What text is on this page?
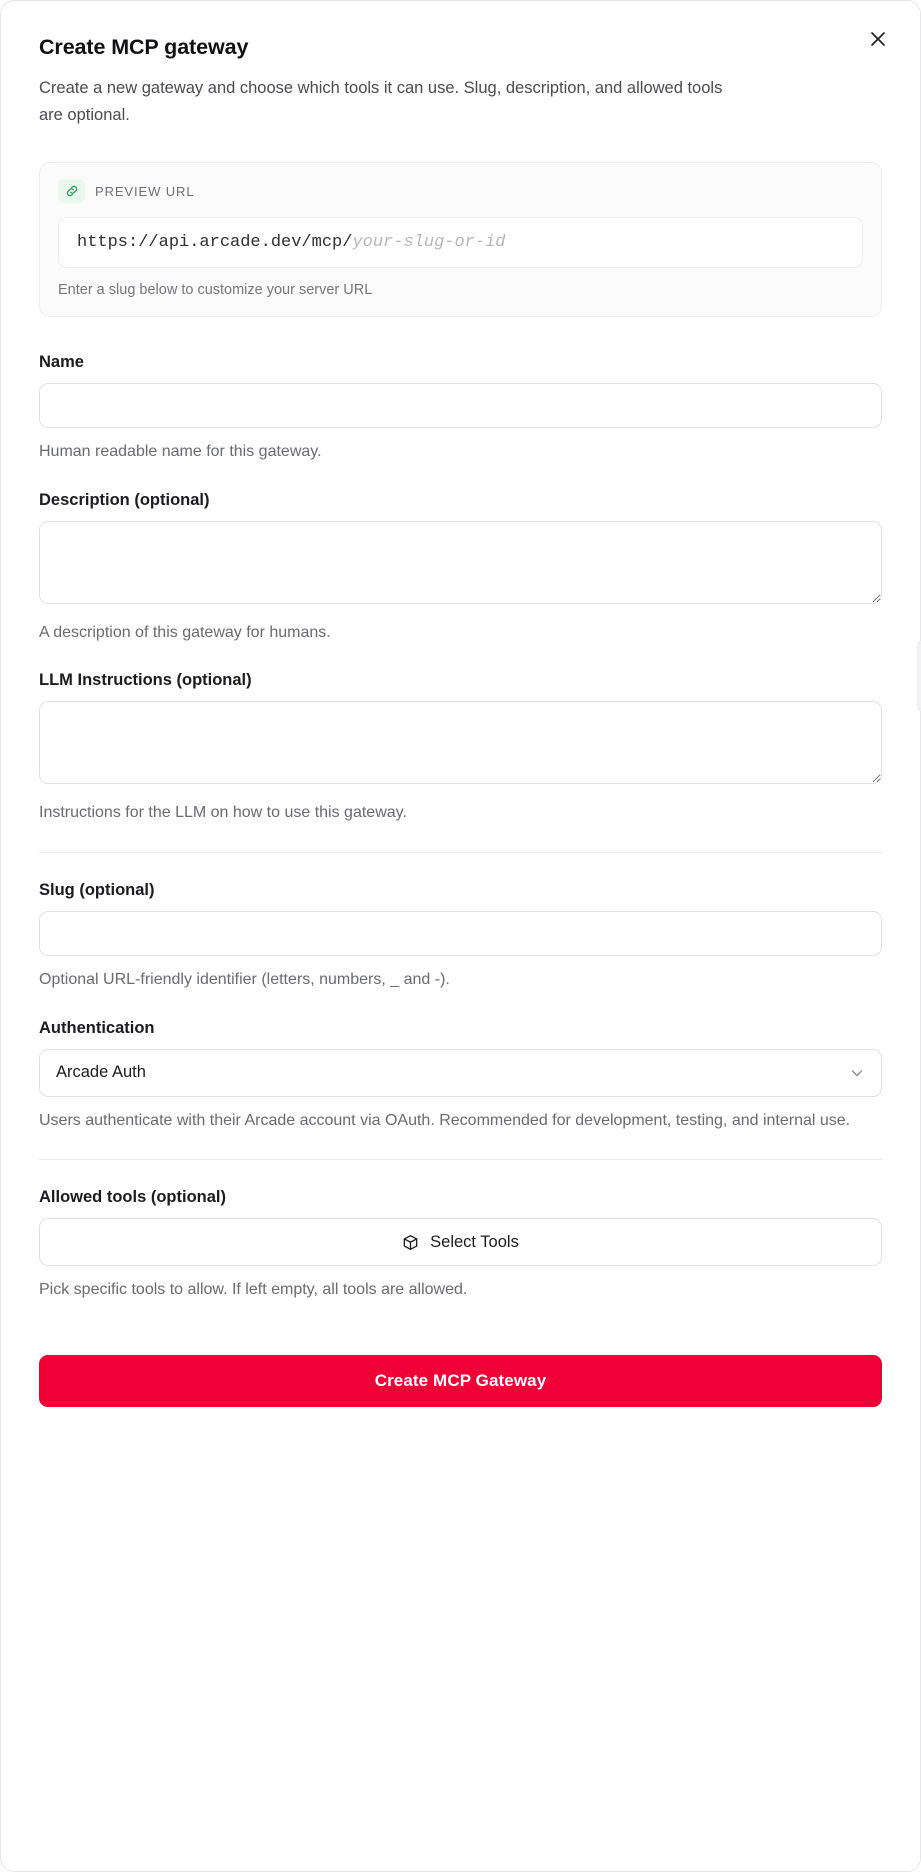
Create MCP gateway

Create a new gateway and choose which tools it can use. Slug, description, and allowed tools are optional.

PREVIEW URL
https://api.arcade.dev/mcp/your-slug-or-id
Enter a slug below to customize your server URL
Name
Human readable name for this gateway.
Description (optional)
A description of this gateway for humans.
LLM Instructions (optional)
Instructions for the LLM on how to use this gateway.
Slug (optional)
Optional URL-friendly identifier (letters, numbers, _ and -).
Authentication
Arcade Auth
Users authenticate with their Arcade account via OAuth. Recommended for development, testing, and internal use.
Allowed tools (optional)
Select Tools
Pick specific tools to allow. If left empty, all tools are allowed.
Create MCP Gateway
